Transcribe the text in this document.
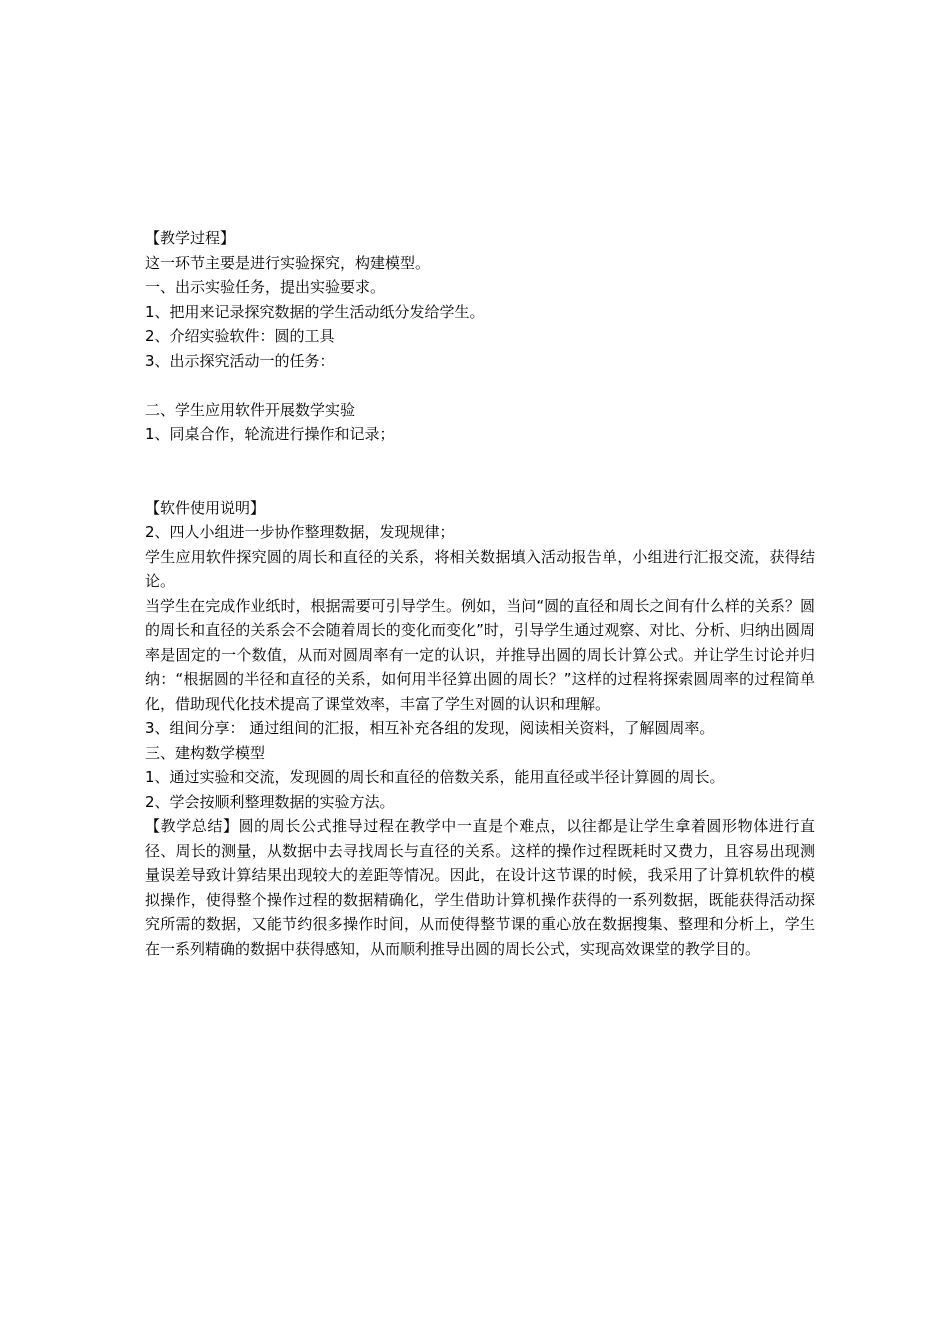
【教学过程】
这一环节主要是进行实验探究，构建模型。
一、出示实验任务，提出实验要求。
1、把用来记录探究数据的学生活动纸分发给学生。
2、介绍实验软件：圆的工具
3、出示探究活动一的任务：
二、学生应用软件开展数学实验
1、同桌合作，轮流进行操作和记录；
【软件使用说明】
2、四人小组进一步协作整理数据，发现规律；
学生应用软件探究圆的周长和直径的关系，将相关数据填入活动报告单，小组进行汇报交流，获得结论。
当学生在完成作业纸时，根据需要可引导学生。例如，当问“圆的直径和周长之间有什么样的关系？圆的周长和直径的关系会不会随着周长的变化而变化”时，引导学生通过观察、对比、分析、归纳出圆周率是固定的一个数值，从而对圆周率有一定的认识，并推导出圆的周长计算公式。并让学生讨论并归纳：“根据圆的半径和直径的关系，如何用半径算出圆的周长？”这样的过程将探索圆周率的过程简单化，借助现代化技术提高了课堂效率，丰富了学生对圆的认识和理解。
3、组间分享： 通过组间的汇报，相互补充各组的发现，阅读相关资料，了解圆周率。
三、建构数学模型
1、通过实验和交流，发现圆的周长和直径的倍数关系，能用直径或半径计算圆的周长。
2、学会按顺利整理数据的实验方法。
【教学总结】圆的周长公式推导过程在教学中一直是个难点，以往都是让学生拿着圆形物体进行直径、周长的测量，从数据中去寻找周长与直径的关系。这样的操作过程既耗时又费力，且容易出现测量误差导致计算结果出现较大的差距等情况。因此，在设计这节课的时候，我采用了计算机软件的模拟操作，使得整个操作过程的数据精确化，学生借助计算机操作获得的一系列数据，既能获得活动探究所需的数据，又能节约很多操作时间，从而使得整节课的重心放在数据搜集、整理和分析上，学生在一系列精确的数据中获得感知，从而顺利推导出圆的周长公式，实现高效课堂的教学目的。
